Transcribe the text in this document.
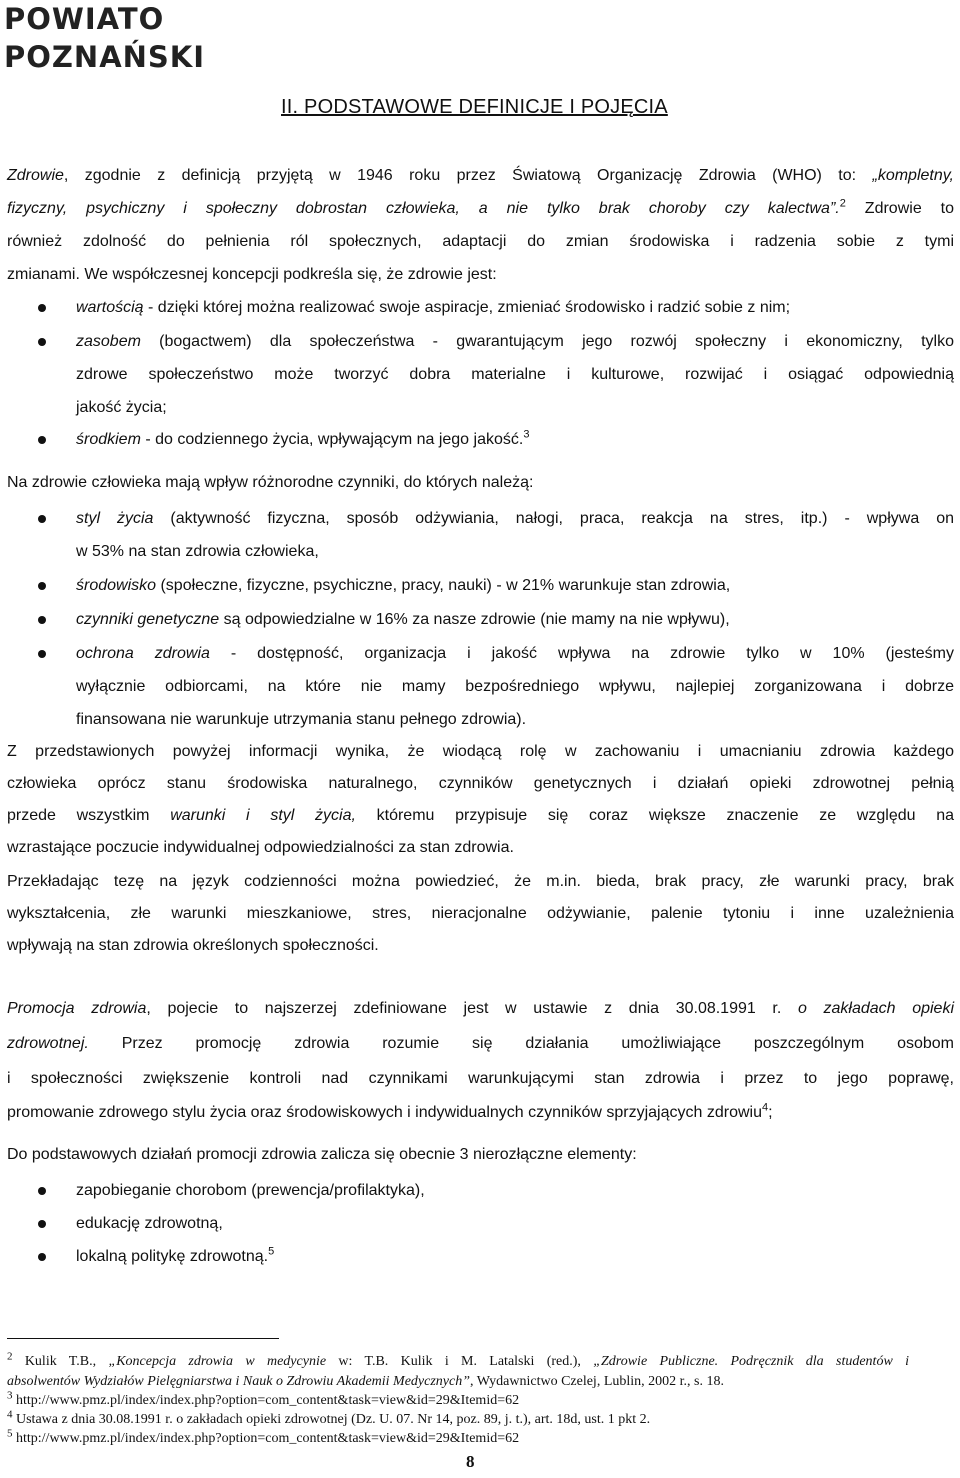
POWIATO
POZNAŃSKI
II. PODSTAWOWE DEFINICJE I POJĘCIA
Zdrowie, zgodnie z definicją przyjętą w 1946 roku przez Światową Organizację Zdrowia (WHO) to: „kompletny,
fizyczny, psychiczny i społeczny dobrostan człowieka, a nie tylko brak choroby czy kalectwa”.$^2$ Zdrowie to
również zdolność do pełnienia ról społecznych, adaptacji do zmian środowiska i radzenia sobie z tymi
zmianami. We współczesnej koncepcji podkreśla się, że zdrowie jest:
wartością - dzięki której można realizować swoje aspiracje, zmieniać środowisko i radzić sobie z nim;
zasobem (bogactwem) dla społeczeństwa - gwarantującym jego rozwój społeczny i ekonomiczny, tylko
zdrowe społeczeństwo może tworzyć dobra materialne i kulturowe, rozwijać i osiągać odpowiednią
jakość życia;
środkiem - do codziennego życia, wpływającym na jego jakość.$^3$
Na zdrowie człowieka mają wpływ różnorodne czynniki, do których należą:
styl życia (aktywność fizyczna, sposób odżywiania, nałogi, praca, reakcja na stres, itp.) - wpływa on
w 53% na stan zdrowia człowieka,
środowisko (społeczne, fizyczne, psychiczne, pracy, nauki) - w 21% warunkuje stan zdrowia,
czynniki genetyczne są odpowiedzialne w 16% za nasze zdrowie (nie mamy na nie wpływu),
ochrona zdrowia - dostępność, organizacja i jakość wpływa na zdrowie tylko w 10% (jesteśmy
wyłącznie odbiorcami, na które nie mamy bezpośredniego wpływu, najlepiej zorganizowana i dobrze
finansowana nie warunkuje utrzymania stanu pełnego zdrowia).
Z przedstawionych powyżej informacji wynika, że wiodącą rolę w zachowaniu i umacnianiu zdrowia każdego
człowieka oprócz stanu środowiska naturalnego, czynników genetycznych i działań opieki zdrowotnej pełnią
przede wszystkim warunki i styl życia, któremu przypisuje się coraz większe znaczenie ze względu na
wzrastające poczucie indywidualnej odpowiedzialności za stan zdrowia.
Przekładając tezę na język codzienności można powiedzieć, że m.in. bieda, brak pracy, złe warunki pracy, brak
wykształcenia, złe warunki mieszkaniowe, stres, nieracjonalne odżywianie, palenie tytoniu i inne uzależnienia
wpływają na stan zdrowia określonych społeczności.
Promocja zdrowia, pojecie to najszerzej zdefiniowane jest w ustawie z dnia 30.08.1991 r. o zakładach opieki
zdrowotnej. Przez promocję zdrowia rozumie się działania umożliwiające poszczególnym osobom
i społeczności zwiększenie kontroli nad czynnikami warunkującymi stan zdrowia i przez to jego poprawę,
promowanie zdrowego stylu życia oraz środowiskowych i indywidualnych czynników sprzyjających zdrowiu$^4$;
Do podstawowych działań promocji zdrowia zalicza się obecnie 3 nierozłączne elementy:
zapobieganie chorobom (prewencja/profilaktyka),
edukację zdrowotną,
lokalną politykę zdrowotną.$^5$
$^2$ Kulik T.B., „Koncepcja zdrowia w medycynie w: T.B. Kulik i M. Latalski (red.), „Zdrowie Publiczne. Podręcznik dla studentów i
absolwentów Wydziałów Pielęgniarstwa i Nauk o Zdrowiu Akademii Medycznych”, Wydawnictwo Czelej, Lublin, 2002 r., s. 18.
$^3$ http://www.pmz.pl/index/index.php?option=com_content&task=view&id=29&Itemid=62
$^4$ Ustawa z dnia 30.08.1991 r. o zakładach opieki zdrowotnej (Dz. U. 07. Nr 14, poz. 89, j. t.), art. 18d, ust. 1 pkt 2.
$^5$ http://www.pmz.pl/index/index.php?option=com_content&task=view&id=29&Itemid=62
8
